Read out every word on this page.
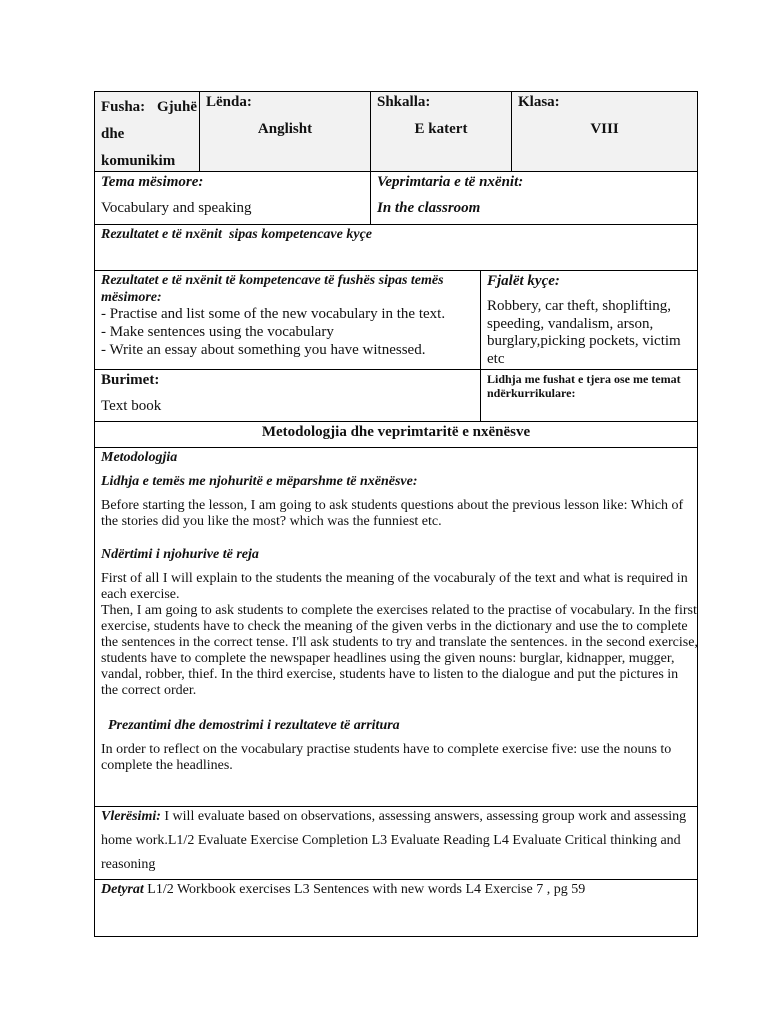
Fusha: Gjuhë
dhe
komunikim
Lënda:
Anglisht
Shkalla:
E katert
Klasa:
VIII
Tema mësimore:
Vocabulary and speaking
Veprimtaria e të nxënit:
In the classroom
Rezultatet e të nxënit  sipas kompetencave kyçe
Rezultatet e të nxënit të kompetencave të fushës sipas temës
mësimore:
- Practise and list some of the new vocabulary in the text.
- Make sentences using the vocabulary
- Write an essay about something you have witnessed.
Fjalët kyçe:
Robbery, car theft, shoplifting,
speeding, vandalism, arson,
burglary,picking pockets, victim
etc
Burimet:
Text book
Lidhja me fushat e tjera ose me temat
ndërkurrikulare:
Metodologjia dhe veprimtaritë e nxënësve
Metodologjia
Lidhja e temës me njohuritë e mëparshme të nxënësve:
Before starting the lesson, I am going to ask students questions about the previous lesson like: Which of
the stories did you like the most? which was the funniest etc.
Ndërtimi i njohurive të reja
First of all I will explain to the students the meaning of the vocaburaly of the text and what is required in
each exercise.
Then, I am going to ask students to complete the exercises related to the practise of vocabulary. In the first
exercise, students have to check the meaning of the given verbs in the dictionary and use the to complete
the sentences in the correct tense. I'll ask students to try and translate the sentences. in the second exercise,
students have to complete the newspaper headlines using the given nouns: burglar, kidnapper, mugger,
vandal, robber, thief. In the third exercise, students have to listen to the dialogue and put the pictures in
the correct order.
Prezantimi dhe demostrimi i rezultateve të arritura
In order to reflect on the vocabulary practise students have to complete exercise five: use the nouns to
complete the headlines.
Vlerësimi: I will evaluate based on observations, assessing answers, assessing group work and assessing
home work.L1/2 Evaluate Exercise Completion L3 Evaluate Reading L4 Evaluate Critical thinking and
reasoning
Detyrat L1/2 Workbook exercises L3 Sentences with new words L4 Exercise 7 , pg 59
